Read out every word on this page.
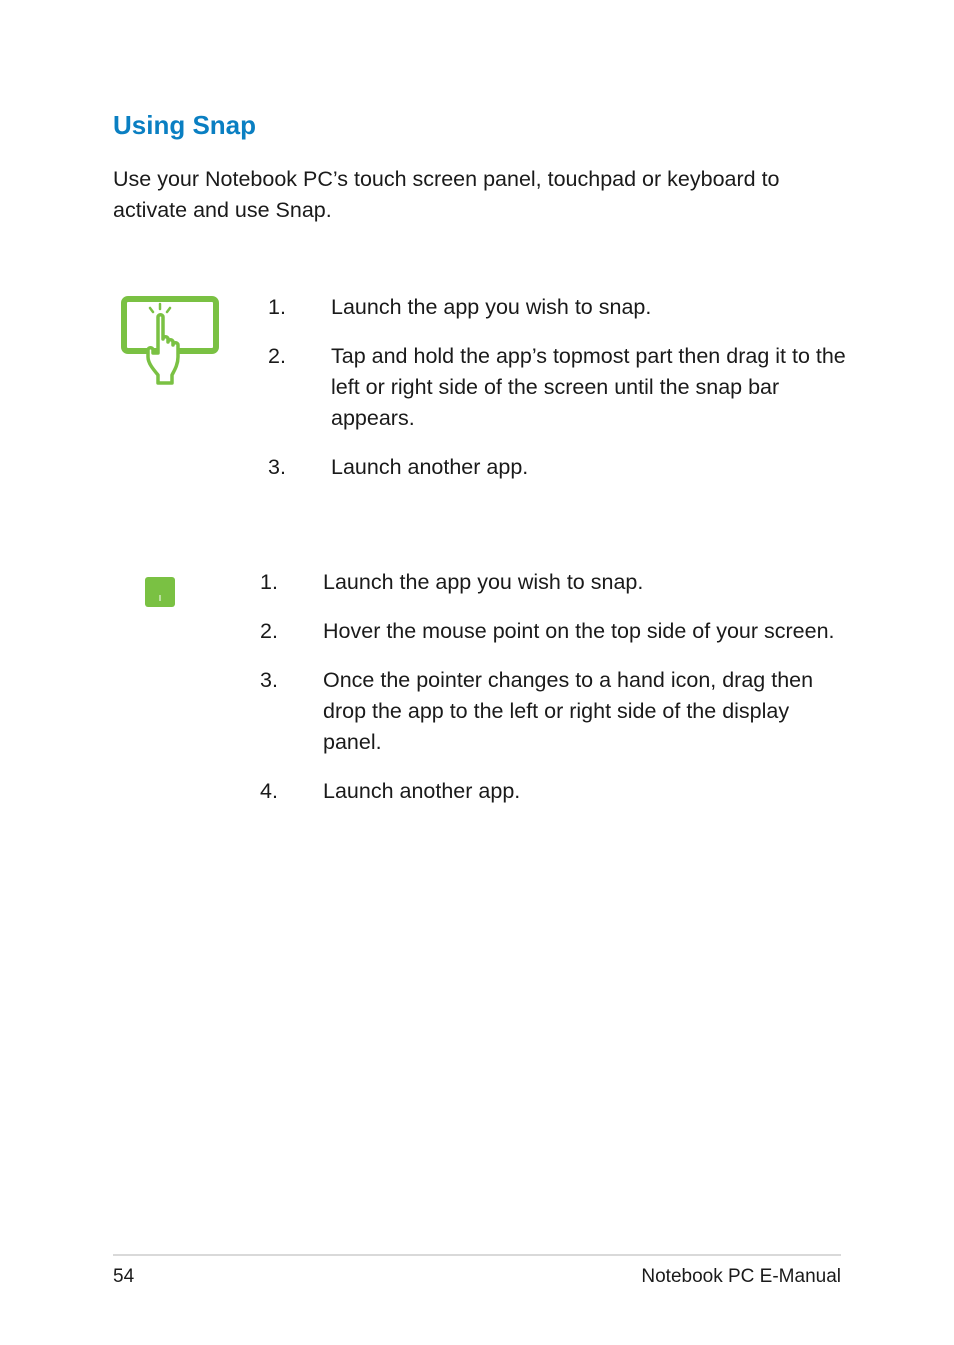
Using Snap

Use your Notebook PC’s touch screen panel, touchpad or keyboard to activate and use Snap.

1. Launch the app you wish to snap.
2. Tap and hold the app’s topmost part then drag it to the left or right side of the screen until the snap bar appears.
3. Launch another app.
1. Launch the app you wish to snap.
2. Hover the mouse point on the top side of your screen.
3. Once the pointer changes to a hand icon, drag then drop the app to the left or right side of the display panel.
4. Launch another app.
54	Notebook PC E-Manual
